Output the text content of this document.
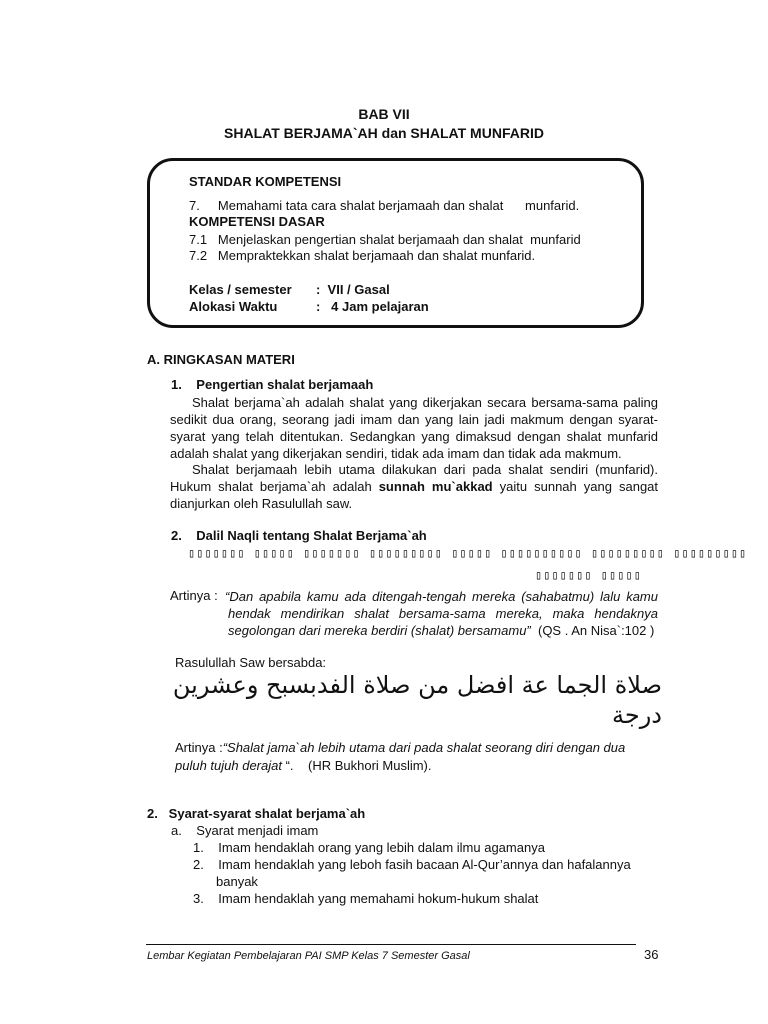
BAB VII
SHALAT BERJAMA`AH dan SHALAT MUNFARID
STANDAR KOMPETENSI
7.     Memahami tata cara shalat berjamaah dan shalat      munfarid.
KOMPETENSI DASAR
7.1   Menjelaskan pengertian shalat berjamaah dan shalat  munfarid
7.2   Mempraktekkan shalat berjamaah dan shalat munfarid.
Kelas / semester :  VII / Gasal
Alokasi Waktu	:   4 Jam pelajaran
A. RINGKASAN MATERI
1.    Pengertian shalat berjamaah
Shalat berjama`ah adalah shalat yang dikerjakan secara bersama-sama paling sedikit dua orang, seorang jadi imam dan yang lain jadi makmum dengan syarat-syarat yang telah ditentukan. Sedangkan yang dimaksud dengan shalat munfarid adalah shalat yang dikerjakan sendiri, tidak ada imam dan tidak ada makmum.
Shalat berjamaah lebih utama dilakukan dari pada shalat sendiri (munfarid). Hukum shalat berjama`ah adalah sunnah mu`akkad yaitu sunnah yang sangat dianjurkan oleh Rasulullah saw.
2.    Dalil Naqli tentang Shalat Berjama`ah
▯▯▯▯▯▯▯ ▯▯▯▯▯ ▯▯▯▯▯▯▯ ▯▯▯▯▯▯▯▯▯ ▯▯▯▯▯ ▯▯▯▯▯▯▯▯▯▯ ▯▯▯▯▯▯▯▯▯ ▯▯▯▯▯▯▯▯▯
▯▯▯▯▯▯▯ ▯▯▯▯▯
Artinya : “Dan apabila kamu ada ditengah-tengah mereka (sahabatmu) lalu kamu hendak mendirikan shalat bersama-sama mereka, maka hendaknya segolongan dari mereka berdiri (shalat) bersamamu”  (QS . An Nisa`:102 )
Rasulullah Saw bersabda:
صلاة الجما عة افضل من صلاة الفدبسبح وعشرين درجة
Artinya :“Shalat jama`ah lebih utama dari pada shalat seorang diri dengan dua puluh tujuh derajat “.    (HR Bukhori Muslim).
2.   Syarat-syarat shalat berjama`ah
a.    Syarat menjadi imam
1.    Imam hendaklah orang yang lebih dalam ilmu agamanya
2.    Imam hendaklah yang leboh fasih bacaan Al-Qur’annya dan hafalannya
banyak
3.    Imam hendaklah yang memahami hokum-hukum shalat
Lembar Kegiatan Pembelajaran PAI SMP Kelas 7 Semester Gasal	36
